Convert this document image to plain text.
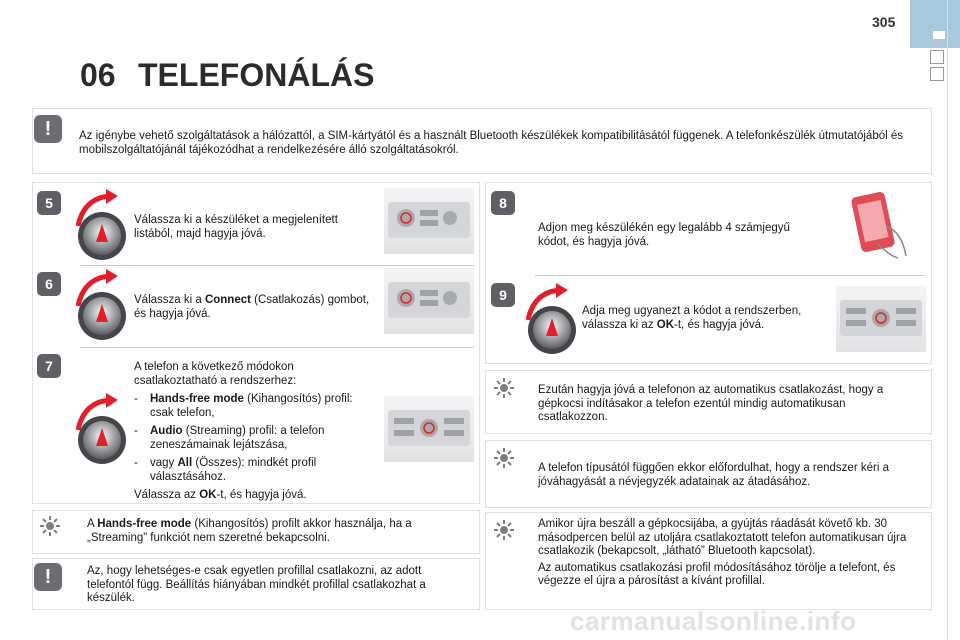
305
06 TELEFONÁLÁS
!	Az igénybe vehető szolgáltatások a hálózattól, a SIM-kártyától és a használt Bluetooth készülékek kompatibilitásától függenek. A telefonkészülék útmutatójából és mobilszolgáltatójánál tájékozódhat a rendelkezésére álló szolgáltatásokról.
5
Válassza ki a készüléket a megjelenített listából, majd hagyja jóvá.
6
Válassza ki a Connect (Csatlakozás) gombot, és hagyja jóvá.
7	A telefon a következő módokon csatlakoztatható a rendszerhez:
-	Hands-free mode (Kihangosítós) profil: csak telefon,
-	Audio (Streaming) profil: a telefon zeneszámainak lejátszása,
-	vagy All (Összes): mindkét profil választásához.
Válassza az OK-t, és hagyja jóvá.
A Hands-free mode (Kihangosítós) profilt akkor használja, ha a „Streaming” funkciót nem szeretné bekapcsolni.
!	Az, hogy lehetséges-e csak egyetlen profillal csatlakozni, az adott telefontól függ. Beállítás hiányában mindkét profillal csatlakozhat a készülék.
8
Adjon meg készülékén egy legalább 4 számjegyű kódot, és hagyja jóvá.
9
Adja meg ugyanezt a kódot a rendszerben, válassza ki az OK-t, és hagyja jóvá.
Ezután hagyja jóvá a telefonon az automatikus csatlakozást, hogy a gépkocsi indításakor a telefon ezentúl mindig automatikusan csatlakozzon.
A telefon típusától függően ekkor előfordulhat, hogy a rendszer kéri a jóváhagyását a névjegyzék adatainak az átadásához.
Amikor újra beszáll a gépkocsijába, a gyújtás ráadását követő kb. 30 másodpercen belül az utoljára csatlakoztatott telefon automatikusan újra csatlakozik (bekapcsolt, „látható” Bluetooth kapcsolat).
Az automatikus csatlakozási profil módosításához törölje a telefont, és végezze el újra a párosítást a kívánt profillal.
carmanualsonline.info
